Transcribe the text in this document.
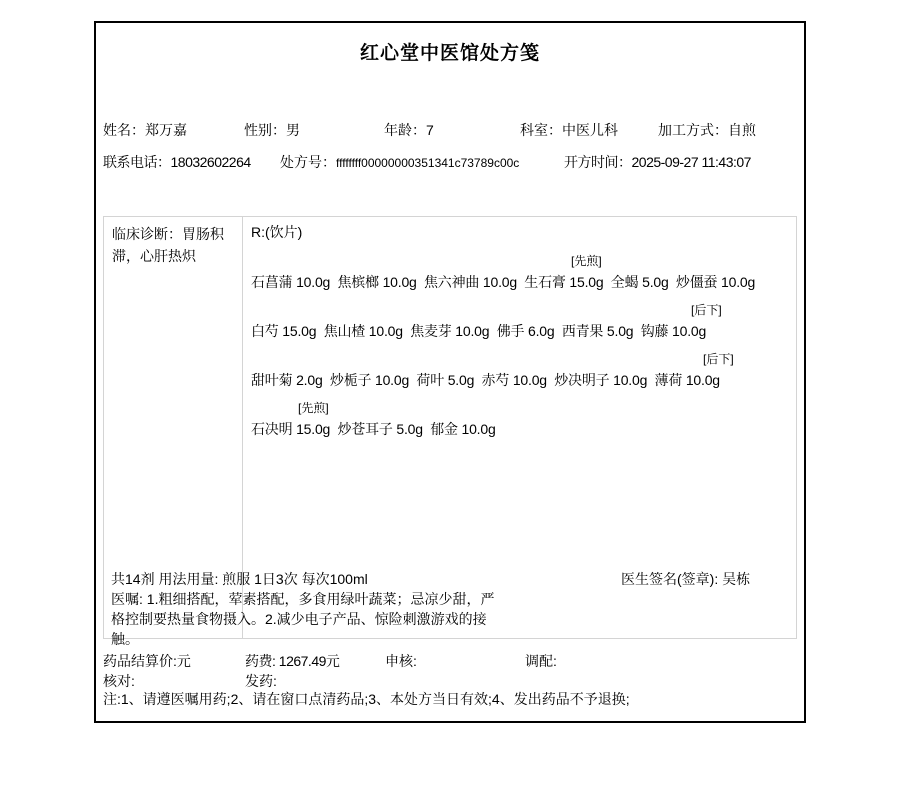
红心堂中医馆处方笺
姓名：郑万嘉	性别：男	年龄：7	科室：中医儿科	加工方式：自煎
联系电话：18032602264 处方号：ffffffff00000000351341c73789c00c	开方时间：2025-09-27 11:43:07
临床诊断：胃肠积滞，心肝热炽
R:(饮片)
[先煎]
石菖蒲 10.0g  焦槟榔 10.0g  焦六神曲 10.0g  生石膏 15.0g  全蝎 5.0g  炒僵蚕 10.0g
[后下]
白芍 15.0g  焦山楂 10.0g  焦麦芽 10.0g  佛手 6.0g  西青果 5.0g  钩藤 10.0g
[后下]
甜叶菊 2.0g  炒栀子 10.0g  荷叶 5.0g  赤芍 10.0g  炒决明子 10.0g  薄荷 10.0g
[先煎]
石决明 15.0g  炒苍耳子 5.0g  郁金 10.0g
共14剂 用法用量: 煎服 1日3次 每次100ml	医生签名(签章): 吴栋
医嘱: 1.粗细搭配，荤素搭配，多食用绿叶蔬菜；忌凉少甜，严格控制要热量食物摄入。2.减少电子产品、惊险刺激游戏的接触。
药品结算价:元	药费: 1267.49元	申核:	调配:
核对:	发药:
注:1、请遵医嘱用药;2、请在窗口点清药品;3、本处方当日有效;4、发出药品不予退换;
